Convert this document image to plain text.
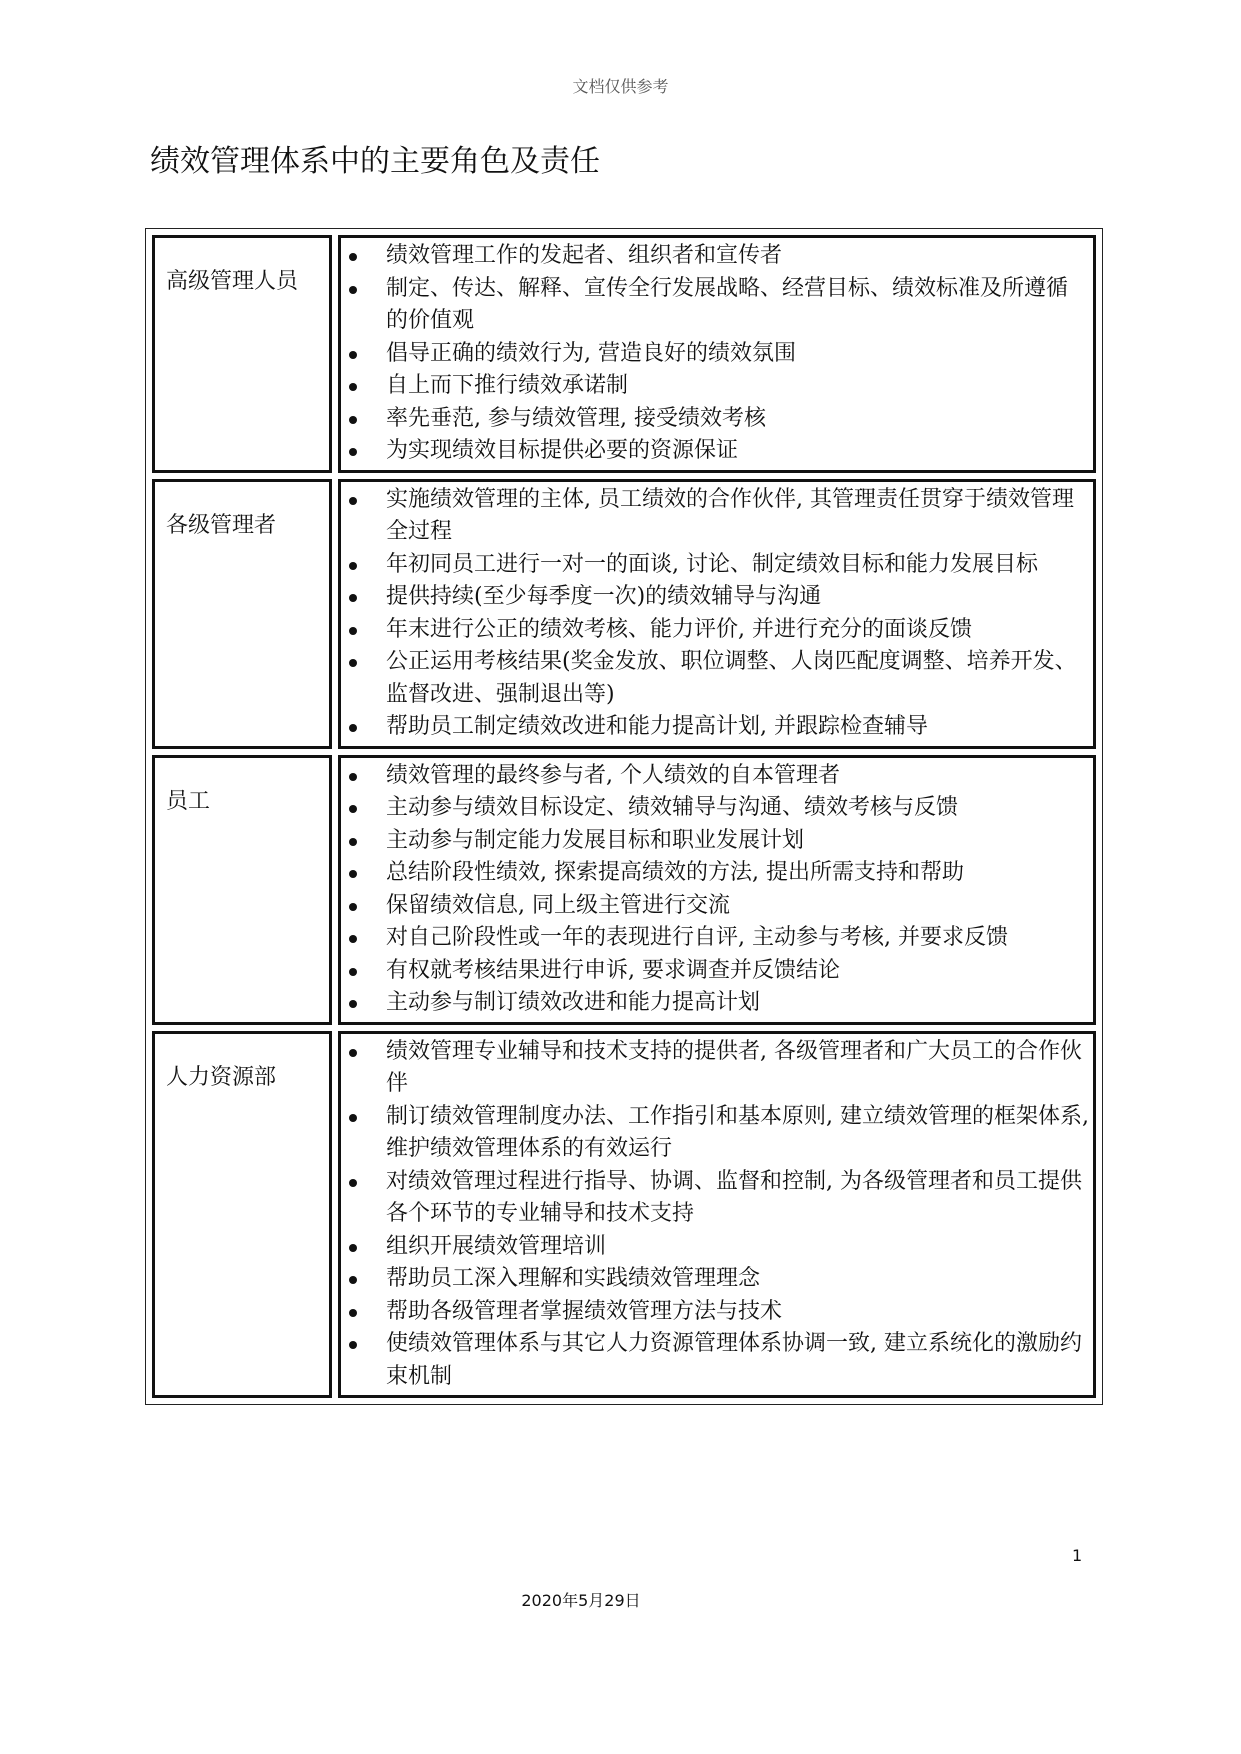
文档仅供参考
绩效管理体系中的主要角色及责任
高级管理人员
绩效管理工作的发起者、组织者和宣传者
制定、传达、解释、宣传全行发展战略、经营目标、绩效标准及所遵循的价值观
倡导正确的绩效行为, 营造良好的绩效氛围
自上而下推行绩效承诺制
率先垂范, 参与绩效管理, 接受绩效考核
为实现绩效目标提供必要的资源保证
各级管理者
实施绩效管理的主体, 员工绩效的合作伙伴, 其管理责任贯穿于绩效管理全过程
年初同员工进行一对一的面谈, 讨论、制定绩效目标和能力发展目标
提供持续(至少每季度一次)的绩效辅导与沟通
年末进行公正的绩效考核、能力评价, 并进行充分的面谈反馈
公正运用考核结果(奖金发放、职位调整、人岗匹配度调整、培养开发、监督改进、强制退出等)
帮助员工制定绩效改进和能力提高计划, 并跟踪检查辅导
员工
绩效管理的最终参与者, 个人绩效的自本管理者
主动参与绩效目标设定、绩效辅导与沟通、绩效考核与反馈
主动参与制定能力发展目标和职业发展计划
总结阶段性绩效, 探索提高绩效的方法, 提出所需支持和帮助
保留绩效信息, 同上级主管进行交流
对自己阶段性或一年的表现进行自评, 主动参与考核, 并要求反馈
有权就考核结果进行申诉, 要求调查并反馈结论
主动参与制订绩效改进和能力提高计划
人力资源部
绩效管理专业辅导和技术支持的提供者, 各级管理者和广大员工的合作伙伴
制订绩效管理制度办法、工作指引和基本原则, 建立绩效管理的框架体系, 维护绩效管理体系的有效运行
对绩效管理过程进行指导、协调、监督和控制, 为各级管理者和员工提供各个环节的专业辅导和技术支持
组织开展绩效管理培训
帮助员工深入理解和实践绩效管理理念
帮助各级管理者掌握绩效管理方法与技术
使绩效管理体系与其它人力资源管理体系协调一致, 建立系统化的激励约束机制
1
2020年5月29日
